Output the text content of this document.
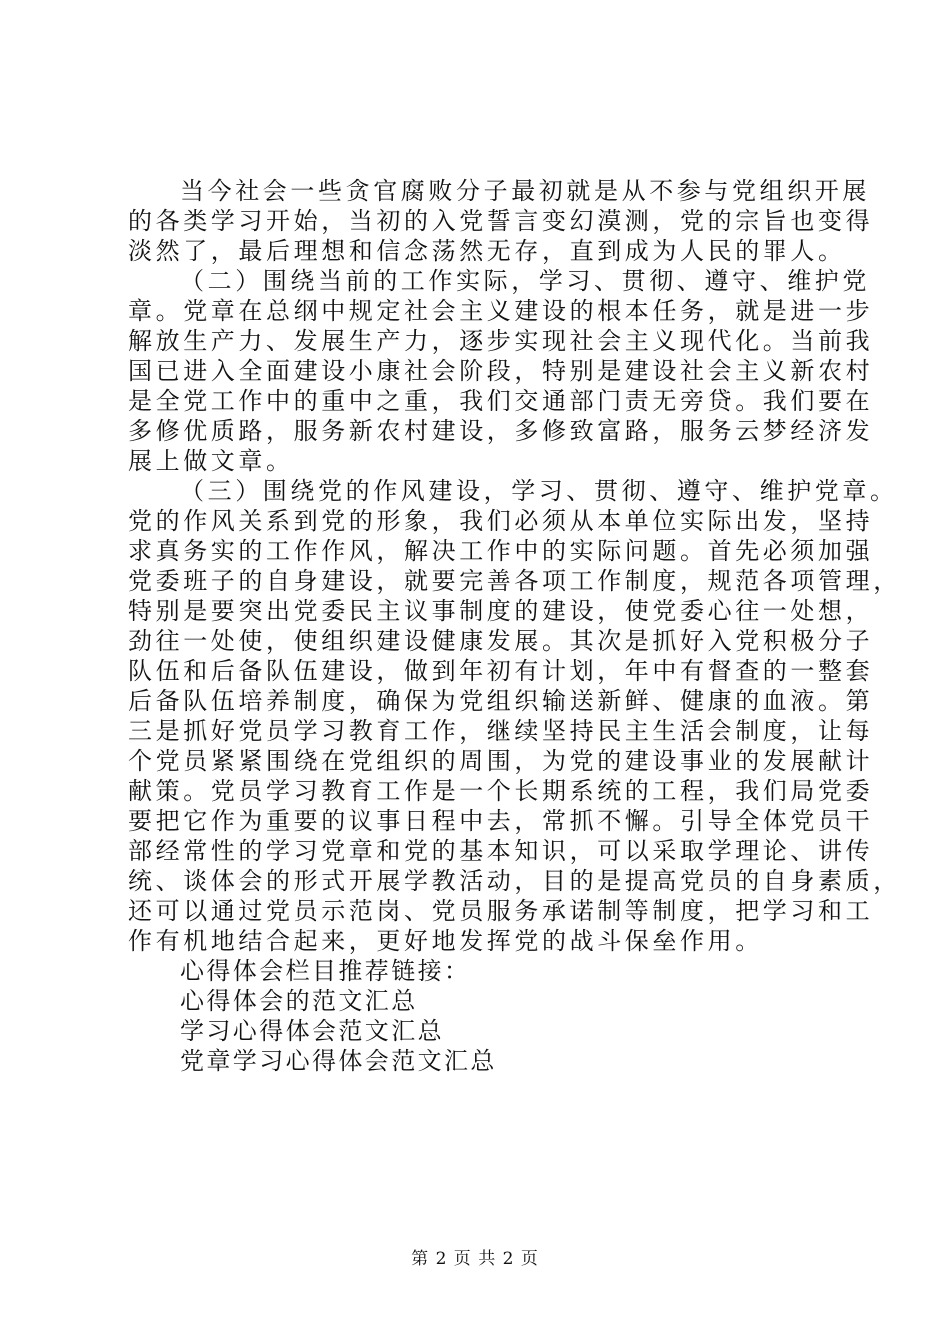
当今社会一些贪官腐败分子最初就是从不参与党组织开展
的各类学习开始，当初的入党誓言变幻漠测，党的宗旨也变得
淡然了，最后理想和信念荡然无存，直到成为人民的罪人。
（二）围绕当前的工作实际，学习、贯彻、遵守、维护党
章。党章在总纲中规定社会主义建设的根本任务，就是进一步
解放生产力、发展生产力，逐步实现社会主义现代化。当前我
国已进入全面建设小康社会阶段，特别是建设社会主义新农村
是全党工作中的重中之重，我们交通部门责无旁贷。我们要在
多修优质路，服务新农村建设，多修致富路，服务云梦经济发
展上做文章。
（三）围绕党的作风建设，学习、贯彻、遵守、维护党章。
党的作风关系到党的形象，我们必须从本单位实际出发，坚持
求真务实的工作作风，解决工作中的实际问题。首先必须加强
党委班子的自身建设，就要完善各项工作制度，规范各项管理，
特别是要突出党委民主议事制度的建设，使党委心往一处想，
劲往一处使，使组织建设健康发展。其次是抓好入党积极分子
队伍和后备队伍建设，做到年初有计划，年中有督查的一整套
后备队伍培养制度，确保为党组织输送新鲜、健康的血液。第
三是抓好党员学习教育工作，继续坚持民主生活会制度，让每
个党员紧紧围绕在党组织的周围，为党的建设事业的发展献计
献策。党员学习教育工作是一个长期系统的工程，我们局党委
要把它作为重要的议事日程中去，常抓不懈。引导全体党员干
部经常性的学习党章和党的基本知识，可以采取学理论、讲传
统、谈体会的形式开展学教活动，目的是提高党员的自身素质，
还可以通过党员示范岗、党员服务承诺制等制度，把学习和工
作有机地结合起来，更好地发挥党的战斗保垒作用。
心得体会栏目推荐链接：
心得体会的范文汇总
学习心得体会范文汇总
党章学习心得体会范文汇总
第 2 页 共 2 页
